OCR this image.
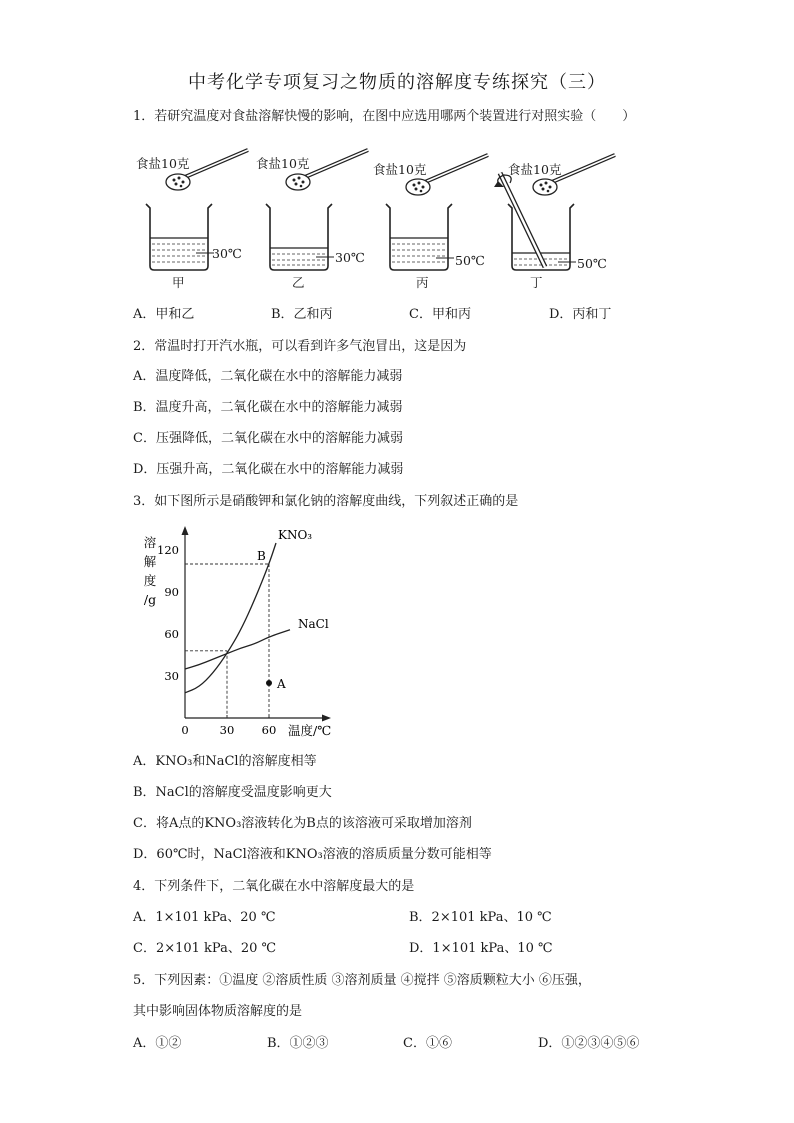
中考化学专项复习之物质的溶解度专练探究（三）
1．若研究温度对食盐溶解快慢的影响，在图中应选用哪两个装置进行对照实验（　　）
食盐10克
30℃
甲
食盐10克
30℃
乙
食盐10克
50℃
丙
食盐10克
50℃
丁
A．甲和乙	B．乙和丙	C．甲和丙	D．丙和丁
2．常温时打开汽水瓶，可以看到许多气泡冒出，这是因为
A．温度降低，二氧化碳在水中的溶解能力减弱
B．温度升高，二氧化碳在水中的溶解能力减弱
C．压强降低，二氧化碳在水中的溶解能力减弱
D．压强升高，二氧化碳在水中的溶解能力减弱
3．如下图所示是硝酸钾和氯化钠的溶解度曲线，下列叙述正确的是
溶
解
度
/g
温度/℃
0	30 60
30
60
90
120
KNO₃
NaCl
A
B
A．KNO₃和NaCl的溶解度相等
B．NaCl的溶解度受温度影响更大
C．将A点的KNO₃溶液转化为B点的该溶液可采取增加溶剂
D．60℃时，NaCl溶液和KNO₃溶液的溶质质量分数可能相等
4．下列条件下，二氧化碳在水中溶解度最大的是
A．1×101 kPa、20 ℃	B．2×101 kPa、10 ℃
C．2×101 kPa、20 ℃	D．1×101 kPa、10 ℃
5．下列因素：①温度 ②溶质性质 ③溶剂质量 ④搅拌 ⑤溶质颗粒大小 ⑥压强，
其中影响固体物质溶解度的是
A．①②	B．①②③	C．①⑥	D．①②③④⑤⑥
